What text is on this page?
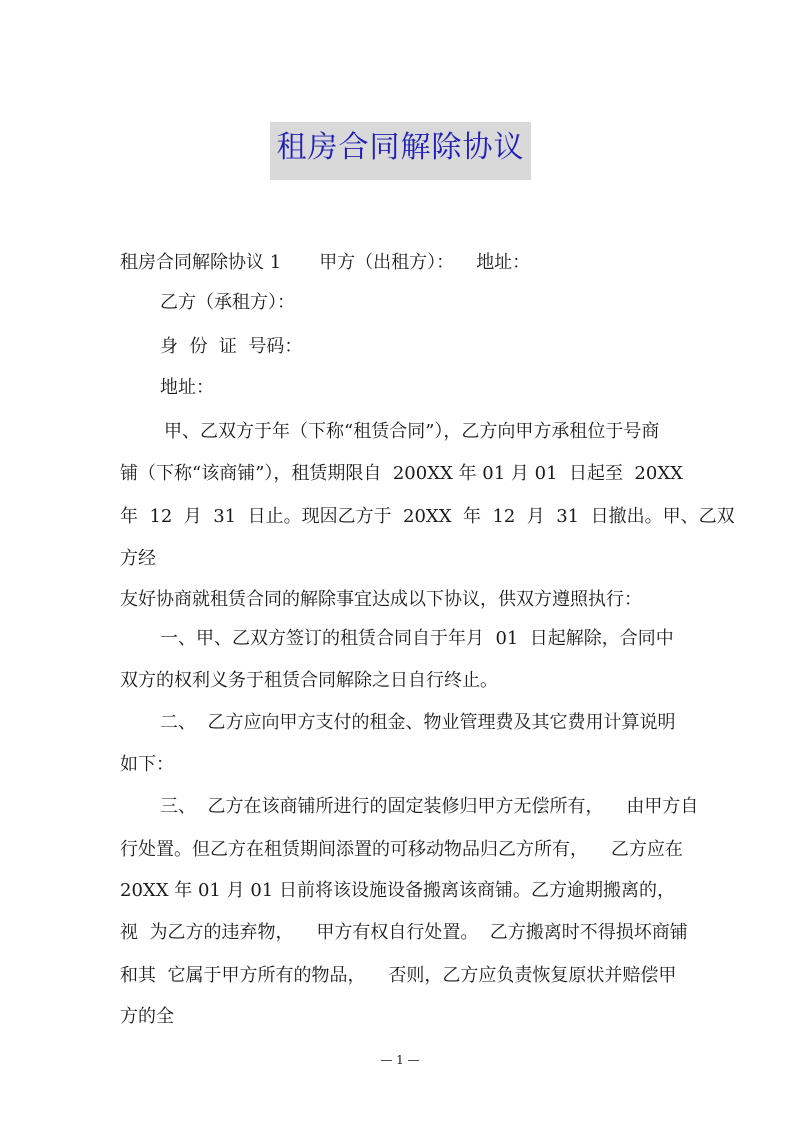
租房合同解除协议
租房合同解除协议 1 甲方（出租方）： 地址：
乙方（承租方）：
身  份  证  号码：
地址：
甲、乙双方于年（下称“租赁合同”），乙方向甲方承租位于号商
铺（下称“该商铺”），租赁期限自  200XX 年 01 月 01  日起至  20XX
年  12  月  31  日止。现因乙方于  20XX  年  12  月  31  日撤出。甲、乙双
方经
友好协商就租赁合同的解除事宜达成以下协议，供双方遵照执行：
一、甲、乙双方签订的租赁合同自于年月  01  日起解除，合同中
双方的权利义务于租赁合同解除之日自行终止。
二、  乙方应向甲方支付的租金、物业管理费及其它费用计算说明
如下：
三、  乙方在该商铺所进行的固定装修归甲方无偿所有，    由甲方自
行处置。但乙方在租赁期间添置的可移动物品归乙方所有，    乙方应在
20XX 年 01 月 01 日前将该设施设备搬离该商铺。乙方逾期搬离的，
视  为乙方的违弃物，    甲方有权自行处置。  乙方搬离时不得损坏商铺
和其  它属于甲方所有的物品，    否则，乙方应负责恢复原状并赔偿甲
方的全
— 1 —
